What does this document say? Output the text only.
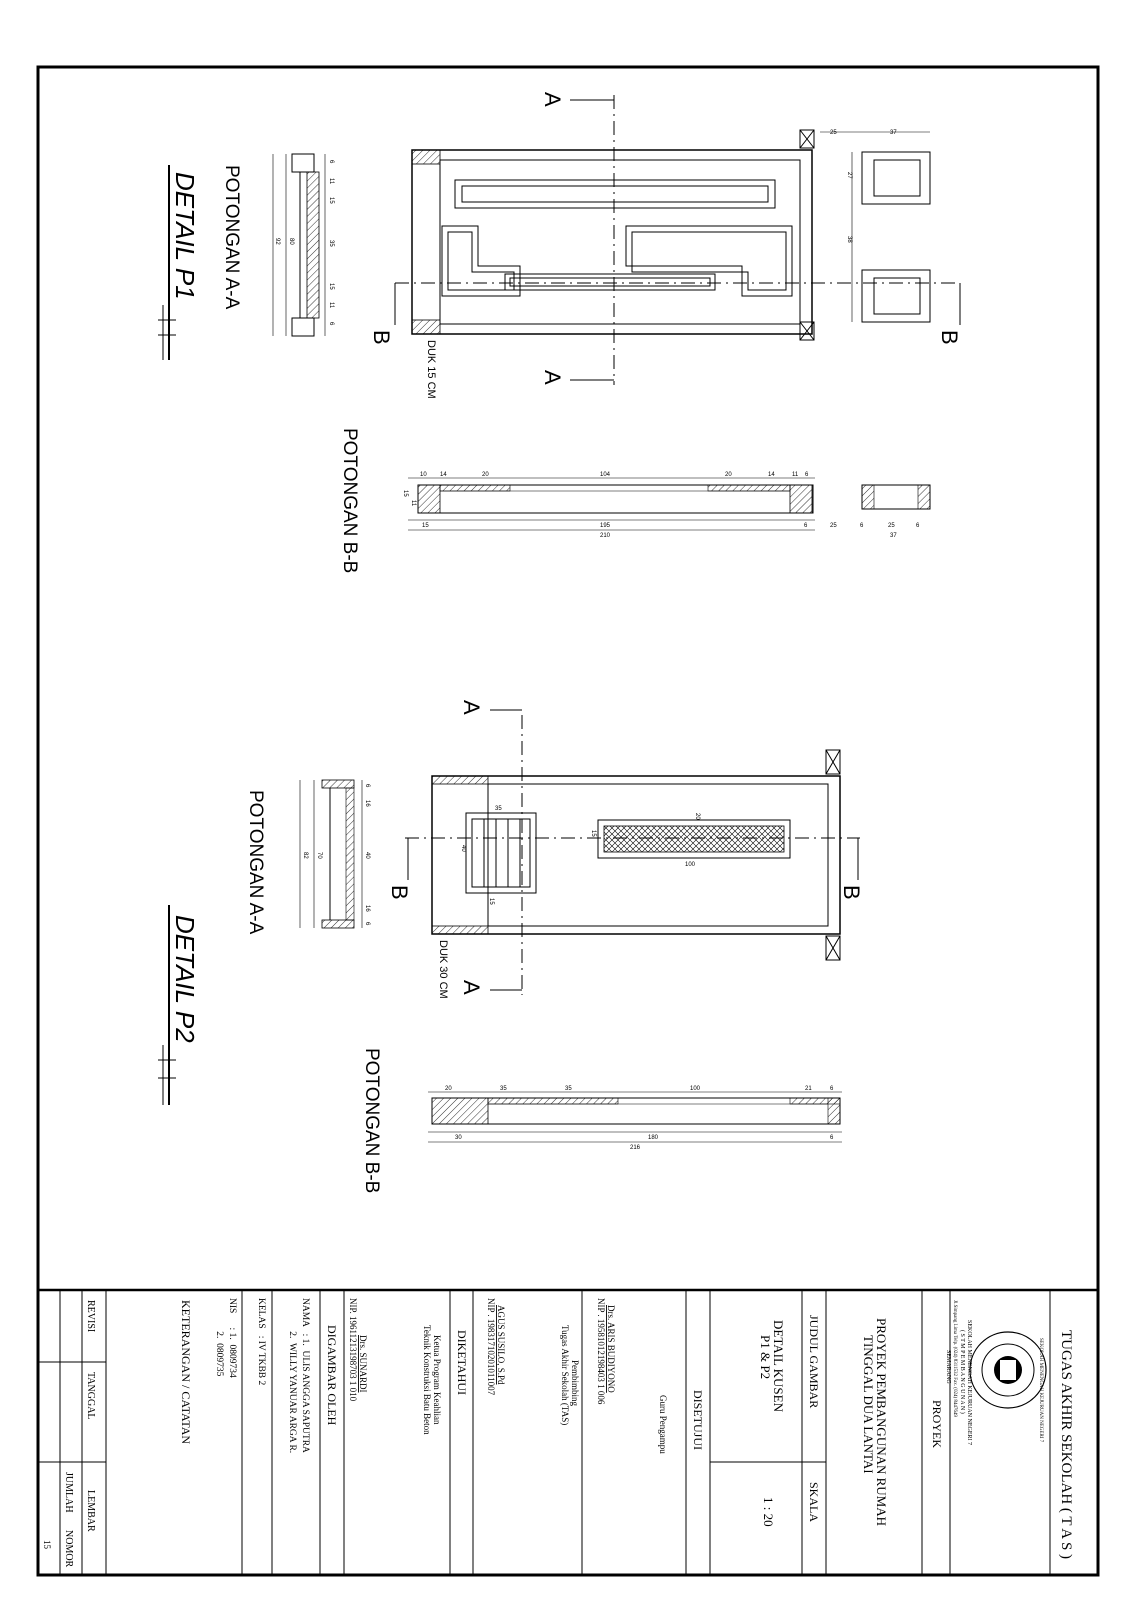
DETAIL P1 POTONGAN A-A
6
11
15
35
15
11
6
80
92
A
A
B	B
DUK 15 CM
25	37
27
38
POTONGAN B-B	10 14	20	104	20	14	11 6
15	195	6
210
15
11
25	6	25	6
37
DETAIL P2
POTONGAN A-A
6
16
40
16
6
70
82
A
A
B	B
DUK 30 CM
35
40
20
15
100
15
POTONGAN B-B	20	35	35	100	21	6
30	180	6
216
TUGAS AKHIR SEKOLAH ( T A S )
SEKOLAH MENENGAH KEJURUAN NEGERI 7
SEKOLAH MENENGAH KEJURUAN NEGERI 7
( S T M P E M B A N G U N A N )
Jl.Simpang Lima Telp. (024) 8311532 Fax. (024) 8447649
SEMARANG
PROYEK
PROYEK PEMBANGUNAN RUMAH
TINGGAL DUA LANTAI
JUDUL GAMBAR
SKALA
DETAIL KUSEN
P1 & P2
1 : 20
DISETUJUI
Guru Pengampu
Drs. ARIS BUDIYONO
NIP . 19581012198403 1 006
Pembimbing
Tugas Akhir Sekolah (TAS)
AGUS SUSILO, S.Pd
NIP . 19831710201011007
DIKETAHUI
Ketua Program Keahlian
Teknik Konstruksi Batu Beton
Drs. SUNARDI
NIP. 19611213198703 1 010
DIGAMBAR OLEH
NAMA   : 1.  ULIS ANGGA SAPUTRA
2.  WILLY YANUAR ARGA R.
KELAS   : IV TKBB 2
NIS      : 1.  0809734
2.  0809735
KETERANGAN / CATATAN
REVISI
TANGGAL
LEMBAR
JUMLAH
NOMOR
15
